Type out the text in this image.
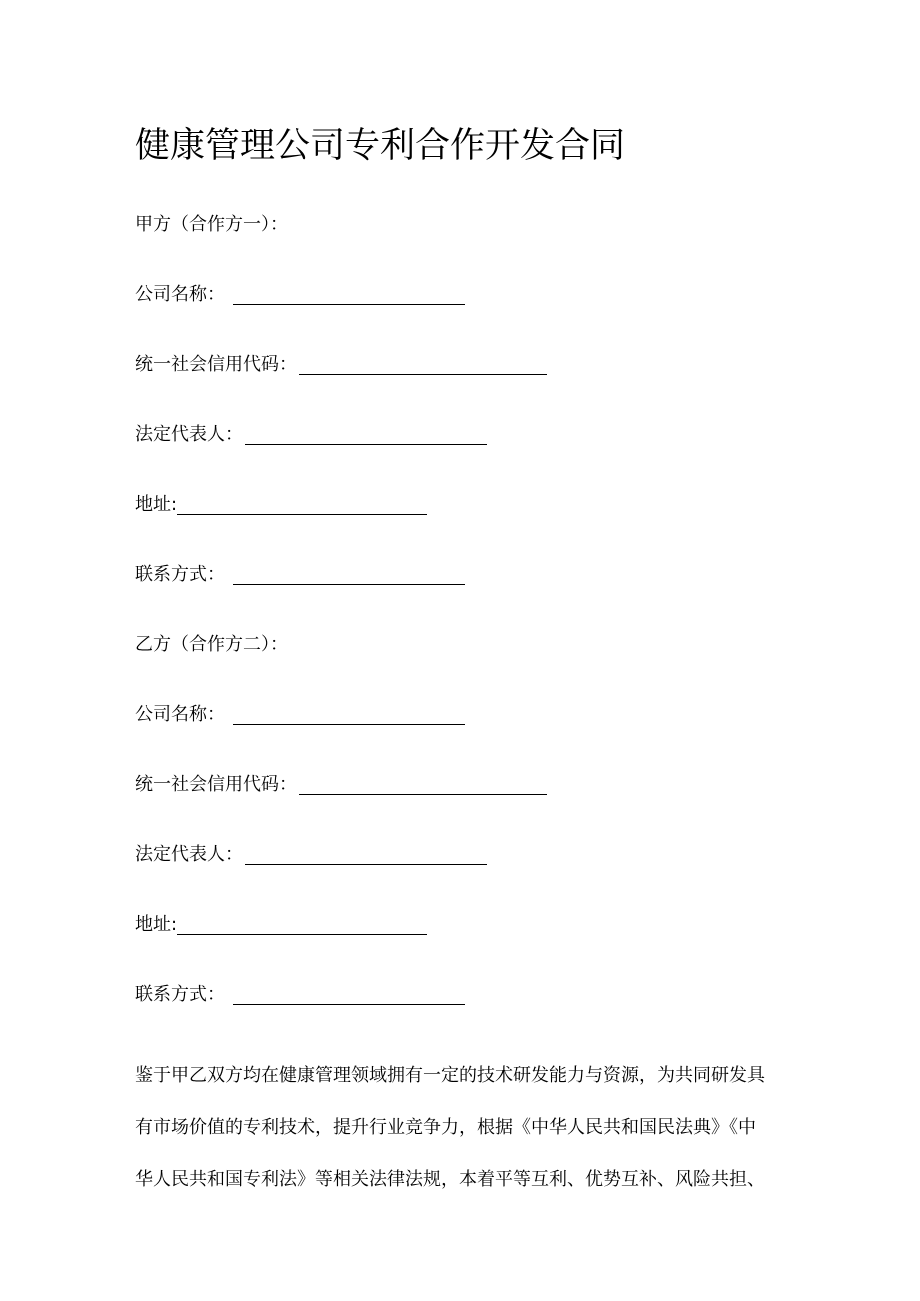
健康管理公司专利合作开发合同
甲方（合作方一）：
公司名称：
统一社会信用代码：
法定代表人：
地址:
联系方式：
乙方（合作方二）：
公司名称：
统一社会信用代码：
法定代表人：
地址:
联系方式：
鉴于甲乙双方均在健康管理领域拥有一定的技术研发能力与资源，为共同研发具
有市场价值的专利技术，提升行业竞争力，根据《中华人民共和国民法典》《中
华人民共和国专利法》等相关法律法规，本着平等互利、优势互补、风险共担、
